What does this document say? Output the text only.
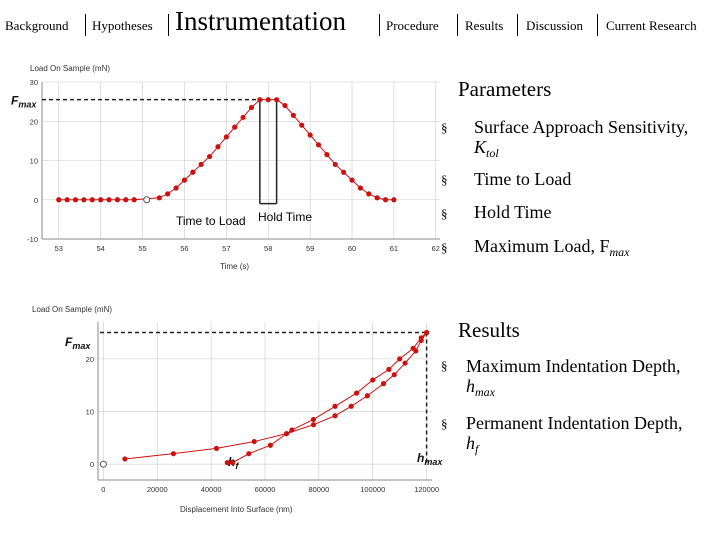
Background Hypotheses Instrumentation	Procedure Results Discussion Current Research
53	54	55	56	57	58	59	60	61	62
-10
0
10
20
30
$F_{max}$
Time to Load Hold Time
Load On Sample (mN)
Time (s)
0	20000	40000	60000	80000	100000	120000
0
10
20
$F_{max}$
$_f$
$h_{max}$
Load On Sample (mN)
Displacement Into Surface (nm)
Parameters
§ Surface Approach Sensitivity,
$K_{tol}$
§ Time to Load
§ Hold Time
§ Maximum Load, $F_{max}$
Results
§ Maximum Indentation Depth,
$h_{max}$
§ Permanent Indentation Depth,
$h_f$
